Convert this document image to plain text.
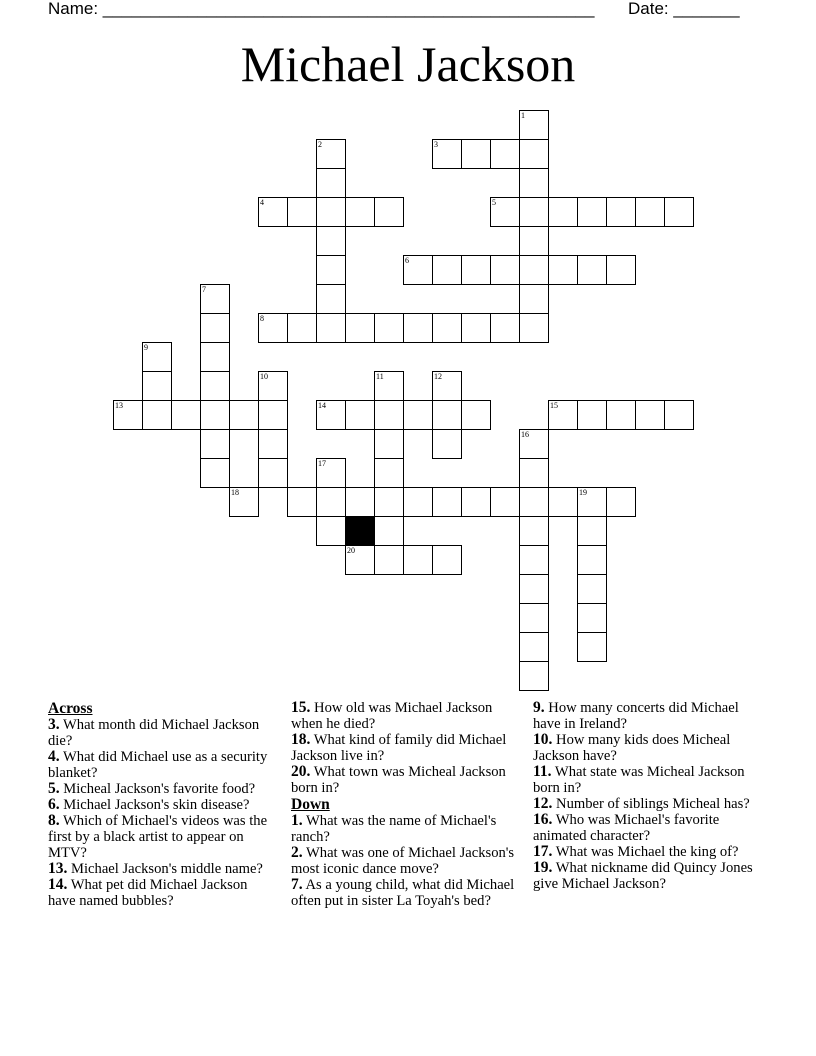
Name: ____________________________________________________ Date: _______
Michael Jackson
1
2	3
4	5
6
7
8
9
10	11	12
13	14	15
16
17
18	19
20
Across

3. What month did Michael Jackson die?

4. What did Michael use as a security blanket?

5. Micheal Jackson's favorite food?

6. Michael Jackson's skin disease?

8. Which of Michael's videos was the first by a black artist to appear on MTV?

13. Michael Jackson's middle name?

14. What pet did Michael Jackson have named bubbles?

15. How old was Michael Jackson when he died?

18. What kind of family did Michael Jackson live in?

20. What town was Micheal Jackson born in?

Down

1. What was the name of Michael's ranch?

2. What was one of Michael Jackson's most iconic dance move?

7. As a young child, what did Michael often put in sister La Toyah's bed?

9. How many concerts did Michael have in Ireland?

10. How many kids does Micheal Jackson have?

11. What state was Micheal Jackson born in?

12. Number of siblings Micheal has?

16. Who was Michael's favorite animated character?

17. What was Michael the king of?

19. What nickname did Quincy Jones give Michael Jackson?
